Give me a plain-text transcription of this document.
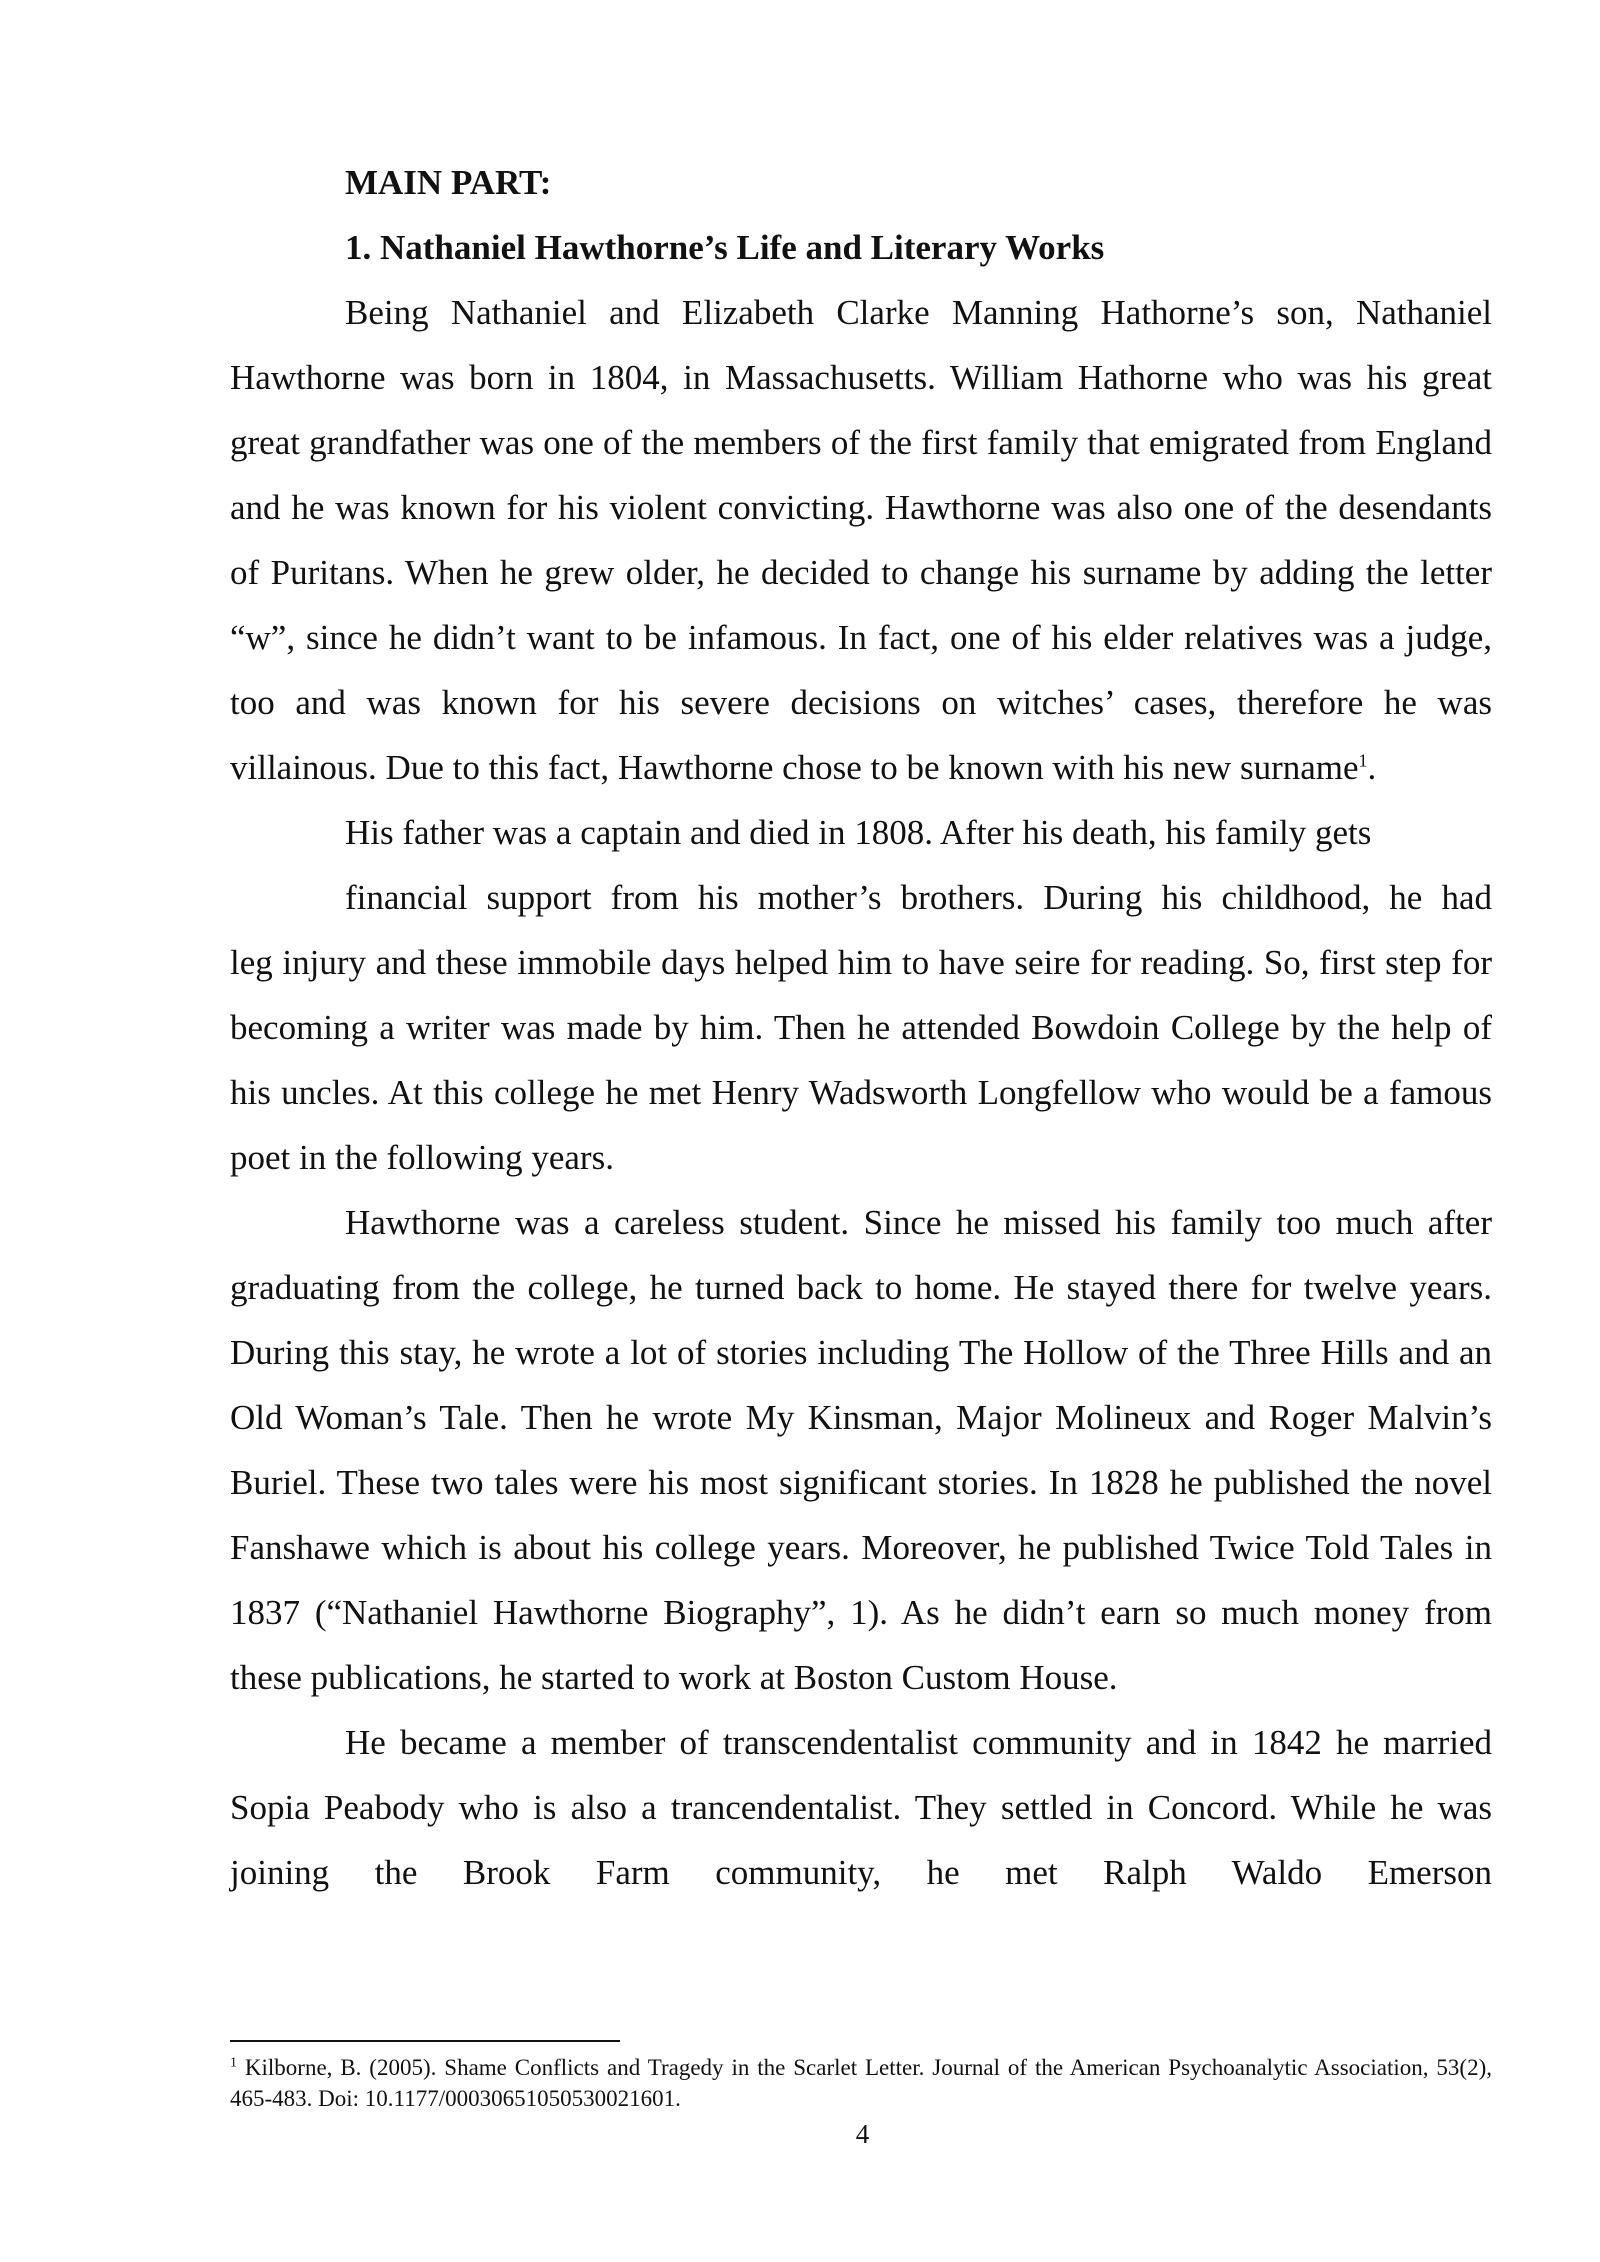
MAIN PART:

1. Nathaniel Hawthorne’s Life and Literary Works

Being Nathaniel and Elizabeth Clarke Manning Hathorne’s son, Nathaniel Hawthorne was born in 1804, in Massachusetts. William Hathorne who was his great great grandfather was one of the members of the first family that emigrated from England and he was known for his violent convicting. Hawthorne was also one of the desendants of Puritans. When he grew older, he decided to change his surname by adding the letter “w”, since he didn’t want to be infamous. In fact, one of his elder relatives was a judge, too and was known for his severe decisions on witches’ cases, therefore he was villainous. Due to this fact, Hawthorne chose to be known with his new surname$^1$.

His father was a captain and died in 1808. After his death, his family gets

financial support from his mother’s brothers. During his childhood, he had

leg injury and these immobile days helped him to have seire for reading. So, first step for becoming a writer was made by him. Then he attended Bowdoin College by the help of his uncles. At this college he met Henry Wadsworth Longfellow who would be a famous poet in the following years.

Hawthorne was a careless student. Since he missed his family too much after graduating from the college, he turned back to home. He stayed there for twelve years. During this stay, he wrote a lot of stories including The Hollow of the Three Hills and an Old Woman’s Tale. Then he wrote My Kinsman, Major Molineux and Roger Malvin’s Buriel. These two tales were his most significant stories. In 1828 he published the novel Fanshawe which is about his college years. Moreover, he published Twice Told Tales in 1837 (“Nathaniel Hawthorne Biography”, 1). As he didn’t earn so much money from these publications, he started to work at Boston Custom House.

He became a member of transcendentalist community and in 1842 he married Sopia Peabody who is also a trancendentalist. They settled in Concord. While he was joining the Brook Farm community, he met Ralph Waldo Emerson

$^1$ Kilborne, B. (2005). Shame Conflicts and Tragedy in the Scarlet Letter. Journal of the American Psychoanalytic Association, 53(2), 465-483. Doi: 10.1177/00030651050530021601.
4
